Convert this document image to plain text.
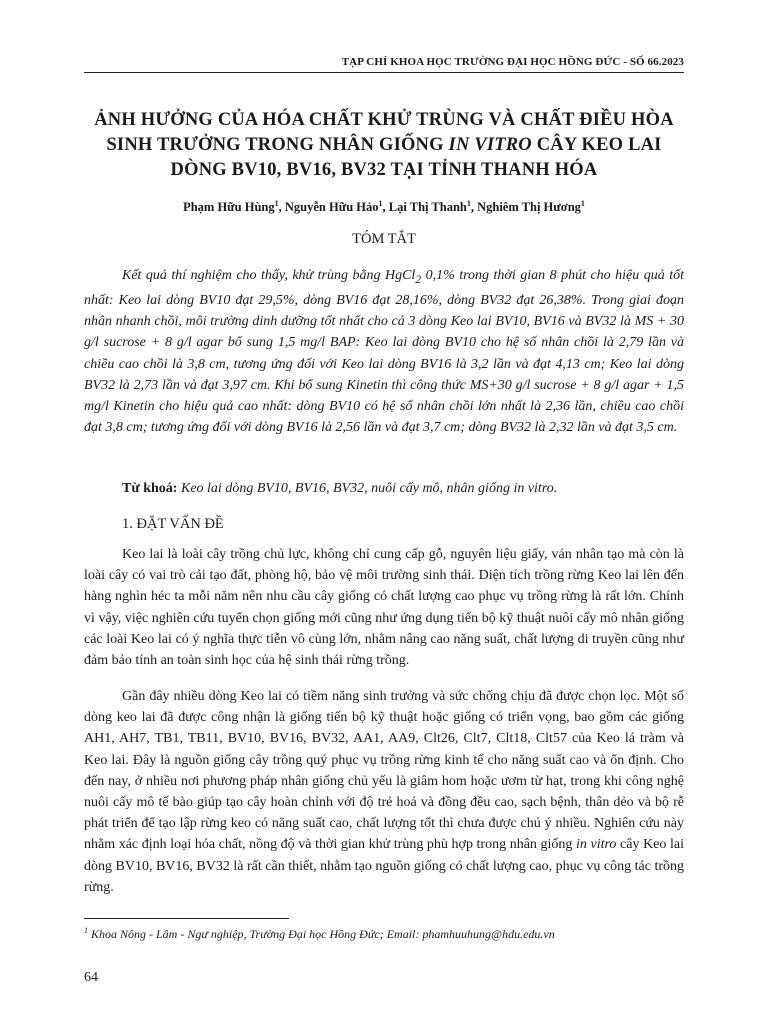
TẠP CHÍ KHOA HỌC TRƯỜNG ĐẠI HỌC HỒNG ĐỨC - SỐ 66.2023
ẢNH HƯỞNG CỦA HÓA CHẤT KHỬ TRÙNG VÀ CHẤT ĐIỀU HÒA
SINH TRƯỞNG TRONG NHÂN GIỐNG IN VITRO CÂY KEO LAI
DÒNG BV10, BV16, BV32 TẠI TỈNH THANH HÓA
Phạm Hữu Hùng$^1$, Nguyễn Hữu Hảo$^1$, Lại Thị Thanh$^1$, Nghiêm Thị Hương$^1$
TÓM TẮT
Kết quả thí nghiệm cho thấy, khử trùng bằng HgCl$_2$ 0,1% trong thời gian 8 phút cho hiệu quả tốt nhất: Keo lai dòng BV10 đạt 29,5%, dòng BV16 đạt 28,16%, dòng BV32 đạt 26,38%. Trong giai đoạn nhân nhanh chồi, môi trường dinh dưỡng tốt nhất cho cả 3 dòng Keo lai BV10, BV16 và BV32 là MS + 30 g/l sucrose + 8 g/l agar bổ sung 1,5 mg/l BAP: Keo lai dòng BV10 cho hệ số nhân chồi là 2,79 lần và chiều cao chồi là 3,8 cm, tương ứng đối với Keo lai dòng BV16 là 3,2 lần và đạt 4,13 cm; Keo lai dòng BV32 là 2,73 lần và đạt 3,97 cm. Khi bổ sung Kinetin thì công thức MS+30 g/l sucrose + 8 g/l agar + 1,5 mg/l Kinetin cho hiệu quả cao nhất: dòng BV10 có hệ số nhân chồi lớn nhất là 2,36 lần, chiều cao chồi đạt 3,8 cm; tương ứng đối với dòng BV16 là 2,56 lần và đạt 3,7 cm; dòng BV32 là 2,32 lần và đạt 3,5 cm.
Từ khoá: Keo lai dòng BV10, BV16, BV32, nuôi cấy mô, nhân giống in vitro.
1. ĐẶT VẤN ĐỀ
Keo lai là loài cây trồng chủ lực, không chỉ cung cấp gỗ, nguyên liệu giấy, ván nhân tạo mà còn là loài cây có vai trò cải tạo đất, phòng hộ, bảo vệ môi trường sinh thái. Diện tích trồng rừng Keo lai lên đến hàng nghìn héc ta mỗi năm nên nhu cầu cây giống có chất lượng cao phục vụ trồng rừng là rất lớn. Chính vì vậy, việc nghiên cứu tuyển chọn giống mới cũng như ứng dụng tiến bộ kỹ thuật nuôi cấy mô nhân giống các loài Keo lai có ý nghĩa thực tiễn vô cùng lớn, nhằm nâng cao năng suất, chất lượng di truyền cũng như đảm bảo tính an toàn sinh học của hệ sinh thái rừng trồng.
Gần đây nhiều dòng Keo lai có tiềm năng sinh trưởng và sức chống chịu đã được chọn lọc. Một số dòng keo lai đã được công nhận là giống tiến bộ kỹ thuật hoặc giống có triển vọng, bao gồm các giống AH1, AH7, TB1, TB11, BV10, BV16, BV32, AA1, AA9, Clt26, Clt7, Clt18, Clt57 của Keo lá tràm và Keo lai. Đây là nguồn giống cây trồng quý phục vụ trồng rừng kinh tế cho năng suất cao và ổn định. Cho đến nay, ở nhiều nơi phương pháp nhân giống chủ yếu là giâm hom hoặc ươm từ hạt, trong khi công nghệ nuôi cấy mô tế bào giúp tạo cây hoàn chỉnh với độ trẻ hoá và đồng đều cao, sạch bệnh, thân dẻo và bộ rễ phát triển để tạo lập rừng keo có năng suất cao, chất lượng tốt thì chưa được chú ý nhiều. Nghiên cứu này nhằm xác định loại hóa chất, nồng độ và thời gian khử trùng phù hợp trong nhân giống in vitro cây Keo lai dòng BV10, BV16, BV32 là rất cần thiết, nhằm tạo nguồn giống có chất lượng cao, phục vụ công tác trồng rừng.
$^1$ Khoa Nông - Lâm - Ngư nghiệp, Trường Đại học Hồng Đức; Email: phamhuuhung@hdu.edu.vn
64
